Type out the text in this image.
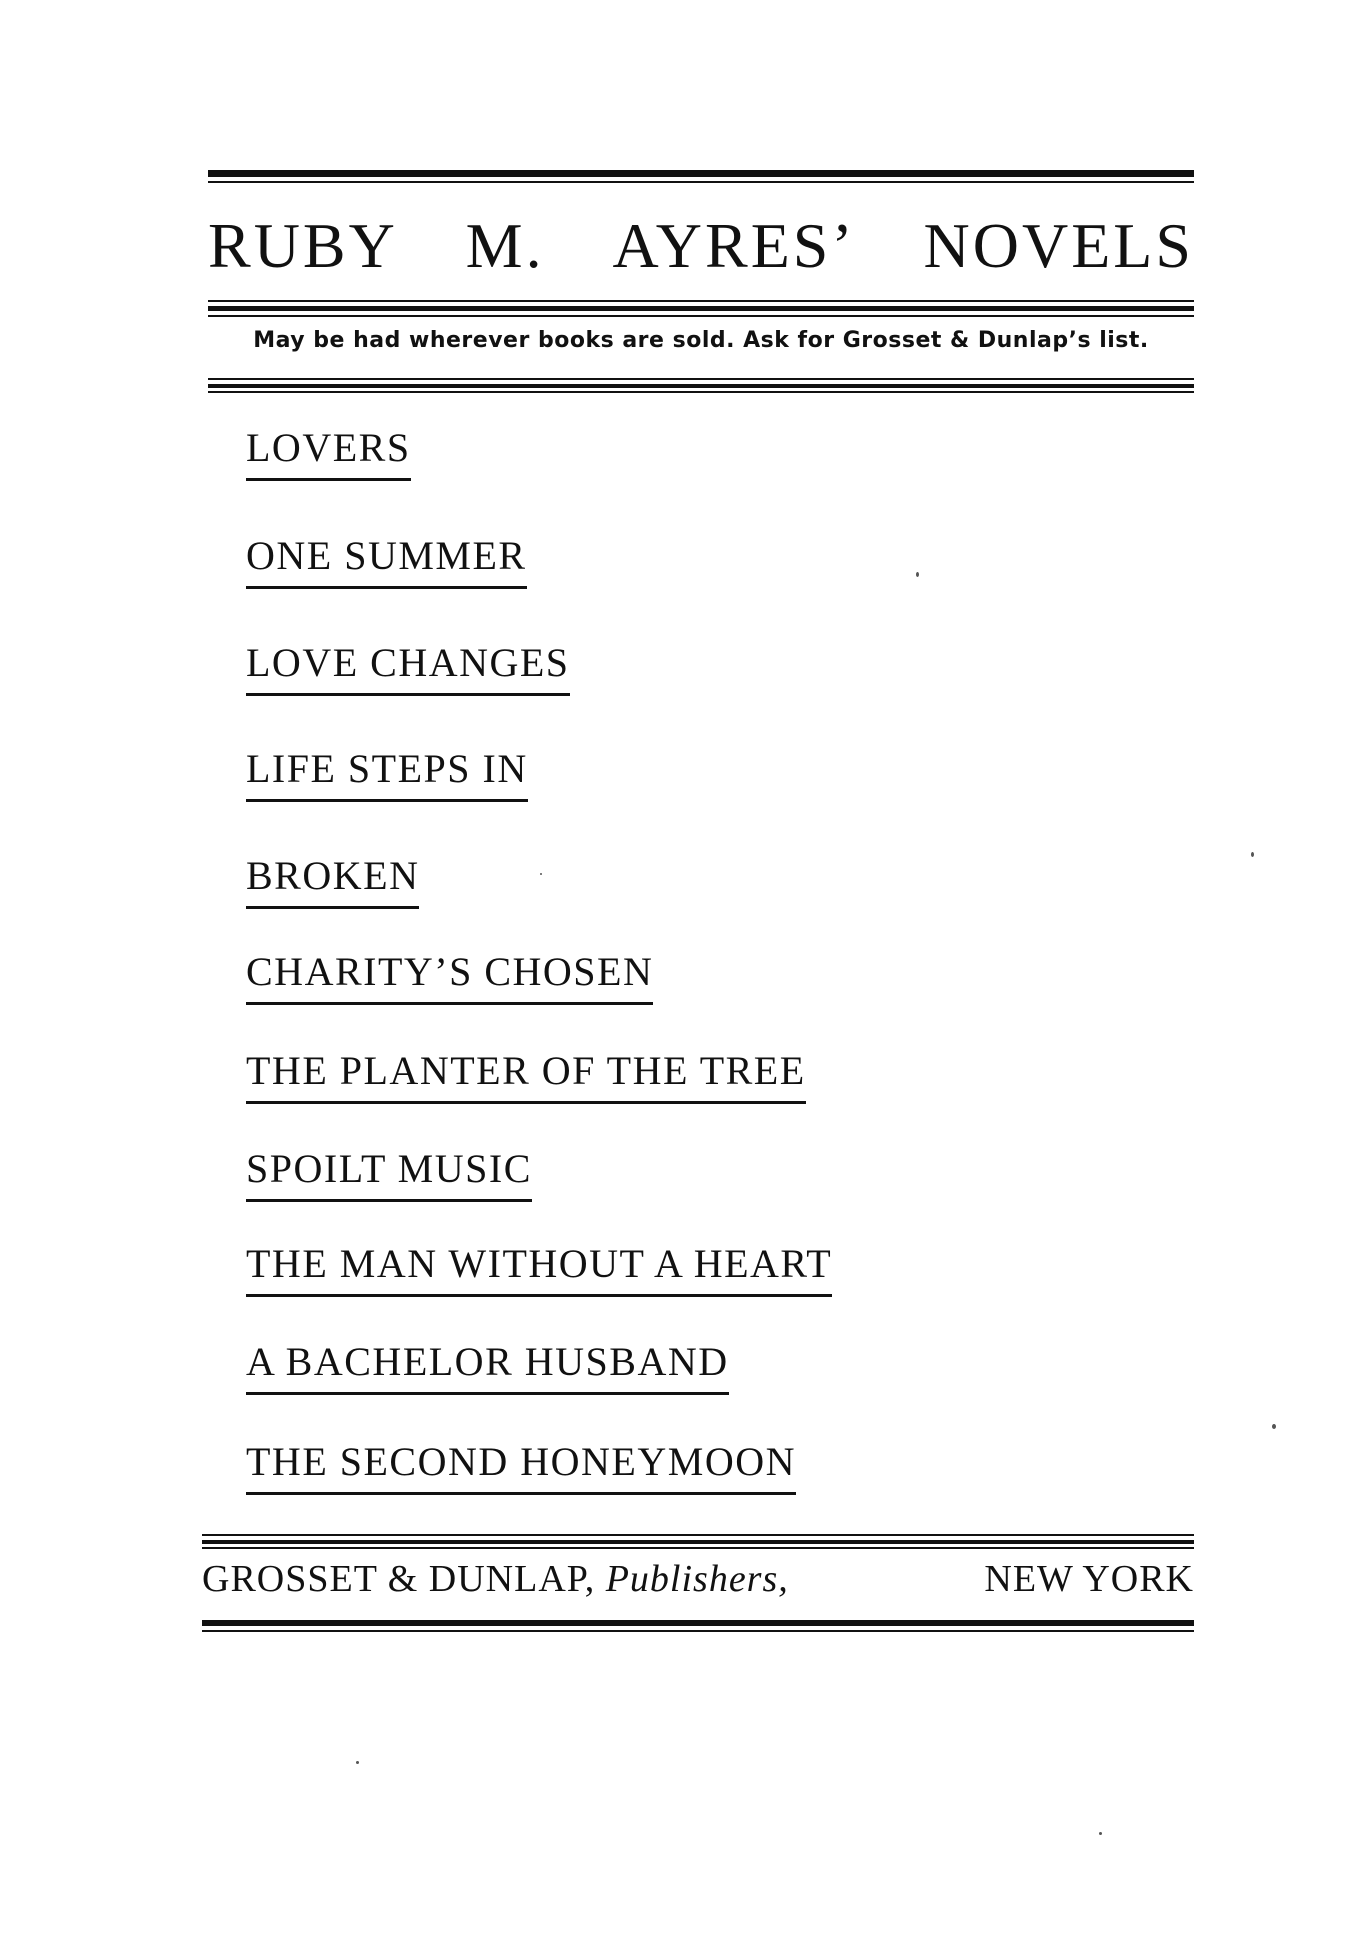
RUBY M. AYRES’ NOVELS
May be had wherever books are sold. Ask for Grosset & Dunlap’s list.
LOVERS
ONE SUMMER
LOVE CHANGES
LIFE STEPS IN
BROKEN
CHARITY’S CHOSEN
THE PLANTER OF THE TREE
SPOILT MUSIC
THE MAN WITHOUT A HEART
A BACHELOR HUSBAND
THE SECOND HONEYMOON
GROSSET & DUNLAP, Publishers,	NEW YORK
